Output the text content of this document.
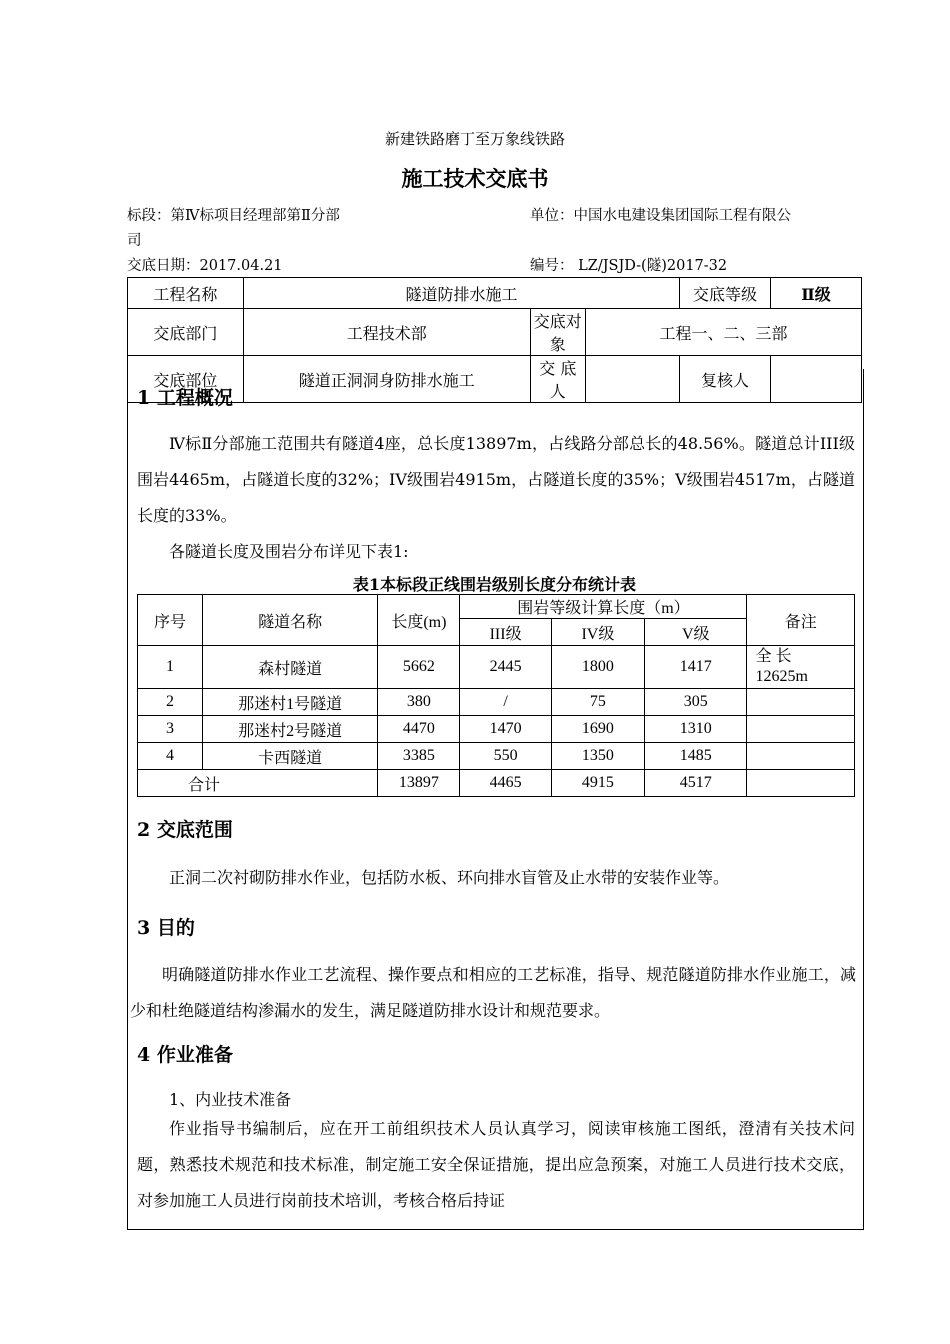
新建铁路磨丁至万象线铁路
施工技术交底书
标段：第Ⅳ标项目经理部第Ⅱ分部	单位：中国水电建设集团国际工程有限公
司
交底日期：2017.04.21	编号： LZ/JSJD-(隧)2017-32
工程名称	隧道防排水施工			交底等级	Ⅱ级
交底部门	工程技术部	交底对象	工程一、二、三部		
交底部位	隧道正洞洞身防排水施工	交 底 人		复核人	
1 工程概况
Ⅳ标Ⅱ分部施工范围共有隧道4座，总长度13897m，占线路分部总长的48.56%。隧道总计III级围岩4465m，占隧道长度的32%；IV级围岩4915m，占隧道长度的35%；V级围岩4517m，占隧道长度的33%。
各隧道长度及围岩分布详见下表1:
表1本标段正线围岩级别长度分布统计表
序号	隧道名称	长度(m)	围岩等级计算长度（m）			备注
			III级	IV级	V级	
1	森村隧道	5662	2445	1800	1417	全 长
12625m
2	那迷村1号隧道	380	/	75	305	
3	那迷村2号隧道	4470	1470	1690	1310	
4	卡西隧道	3385	550	1350	1485	
合计		13897	4465	4915	4517	
2 交底范围
正洞二次衬砌防排水作业，包括防水板、环向排水盲管及止水带的安装作业等。
3 目的
明确隧道防排水作业工艺流程、操作要点和相应的工艺标准，指导、规范隧道防排水作业施工，减少和杜绝隧道结构渗漏水的发生，满足隧道防排水设计和规范要求。
4 作业准备
1、内业技术准备
作业指导书编制后，应在开工前组织技术人员认真学习，阅读审核施工图纸，澄清有关技术问题，熟悉技术规范和技术标准，制定施工安全保证措施，提出应急预案，对施工人员进行技术交底，对参加施工人员进行岗前技术培训，考核合格后持证
